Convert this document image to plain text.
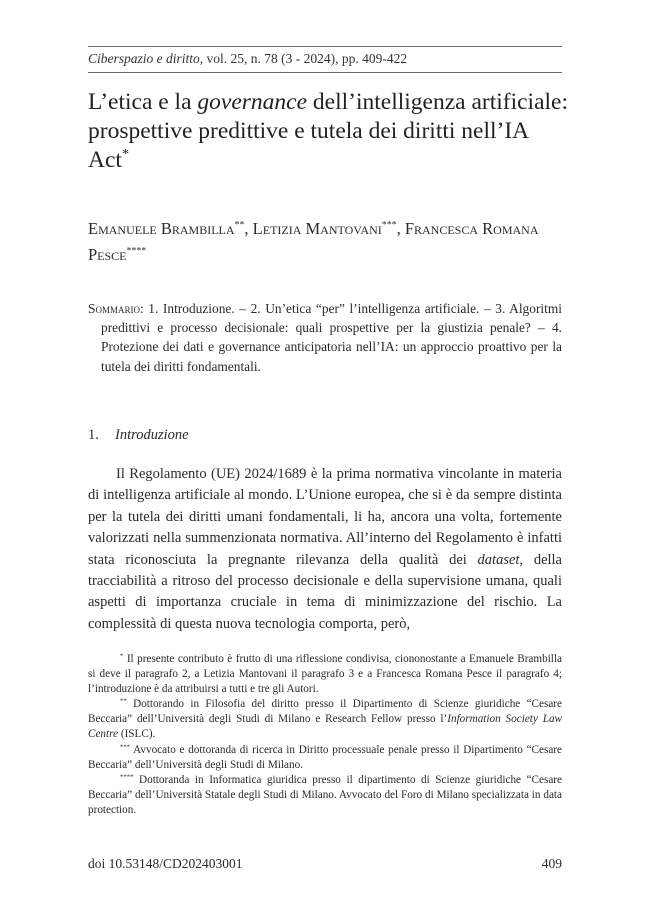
Ciberspazio e diritto, vol. 25, n. 78 (3 - 2024), pp. 409-422
L’etica e la governance dell’intelligenza artificiale: prospettive predittive e tutela dei diritti nell’IA Act*
Emanuele Brambilla**, Letizia Mantovani***, Francesca Romana Pesce****
Sommario: 1. Introduzione. – 2. Un’etica “per” l’intelligenza artificiale. – 3. Algoritmi predittivi e processo decisionale: quali prospettive per la giustizia penale? – 4. Protezione dei dati e governance anticipatoria nell’IA: un approccio proattivo per la tutela dei diritti fondamentali.
1. Introduzione

Il Regolamento (UE) 2024/1689 è la prima normativa vincolante in materia di intelligenza artificiale al mondo. L’Unione europea, che si è da sempre distinta per la tutela dei diritti umani fondamentali, li ha, ancora una volta, fortemente valorizzati nella summenzionata normativa. All’interno del Regolamento è infatti stata riconosciuta la pregnante rilevanza della qualità dei dataset, della tracciabilità a ritroso del processo decisionale e della supervisione umana, quali aspetti di importanza cruciale in tema di minimizzazione del rischio. La complessità di questa nuova tecnologia comporta, però,

* Il presente contributo è frutto di una riflessione condivisa, ciononostante a Emanuele Brambilla si deve il paragrafo 2, a Letizia Mantovani il paragrafo 3 e a Francesca Romana Pesce il paragrafo 4; l’introduzione è da attribuirsi a tutti e tre gli Autori.

** Dottorando in Filosofia del diritto presso il Dipartimento di Scienze giuridiche “Cesare Beccaria” dell’Università degli Studi di Milano e Research Fellow presso l’Information Society Law Centre (ISLC).

*** Avvocato e dottoranda di ricerca in Diritto processuale penale presso il Dipartimento “Cesare Beccaria” dell’Università degli Studi di Milano.

**** Dottoranda in Informatica giuridica presso il dipartimento di Scienze giuridiche “Cesare Beccaria” dell’Università Statale degli Studi di Milano. Avvocato del Foro di Milano specializzata in data protection.

doi 10.53148/CD202403001	409
